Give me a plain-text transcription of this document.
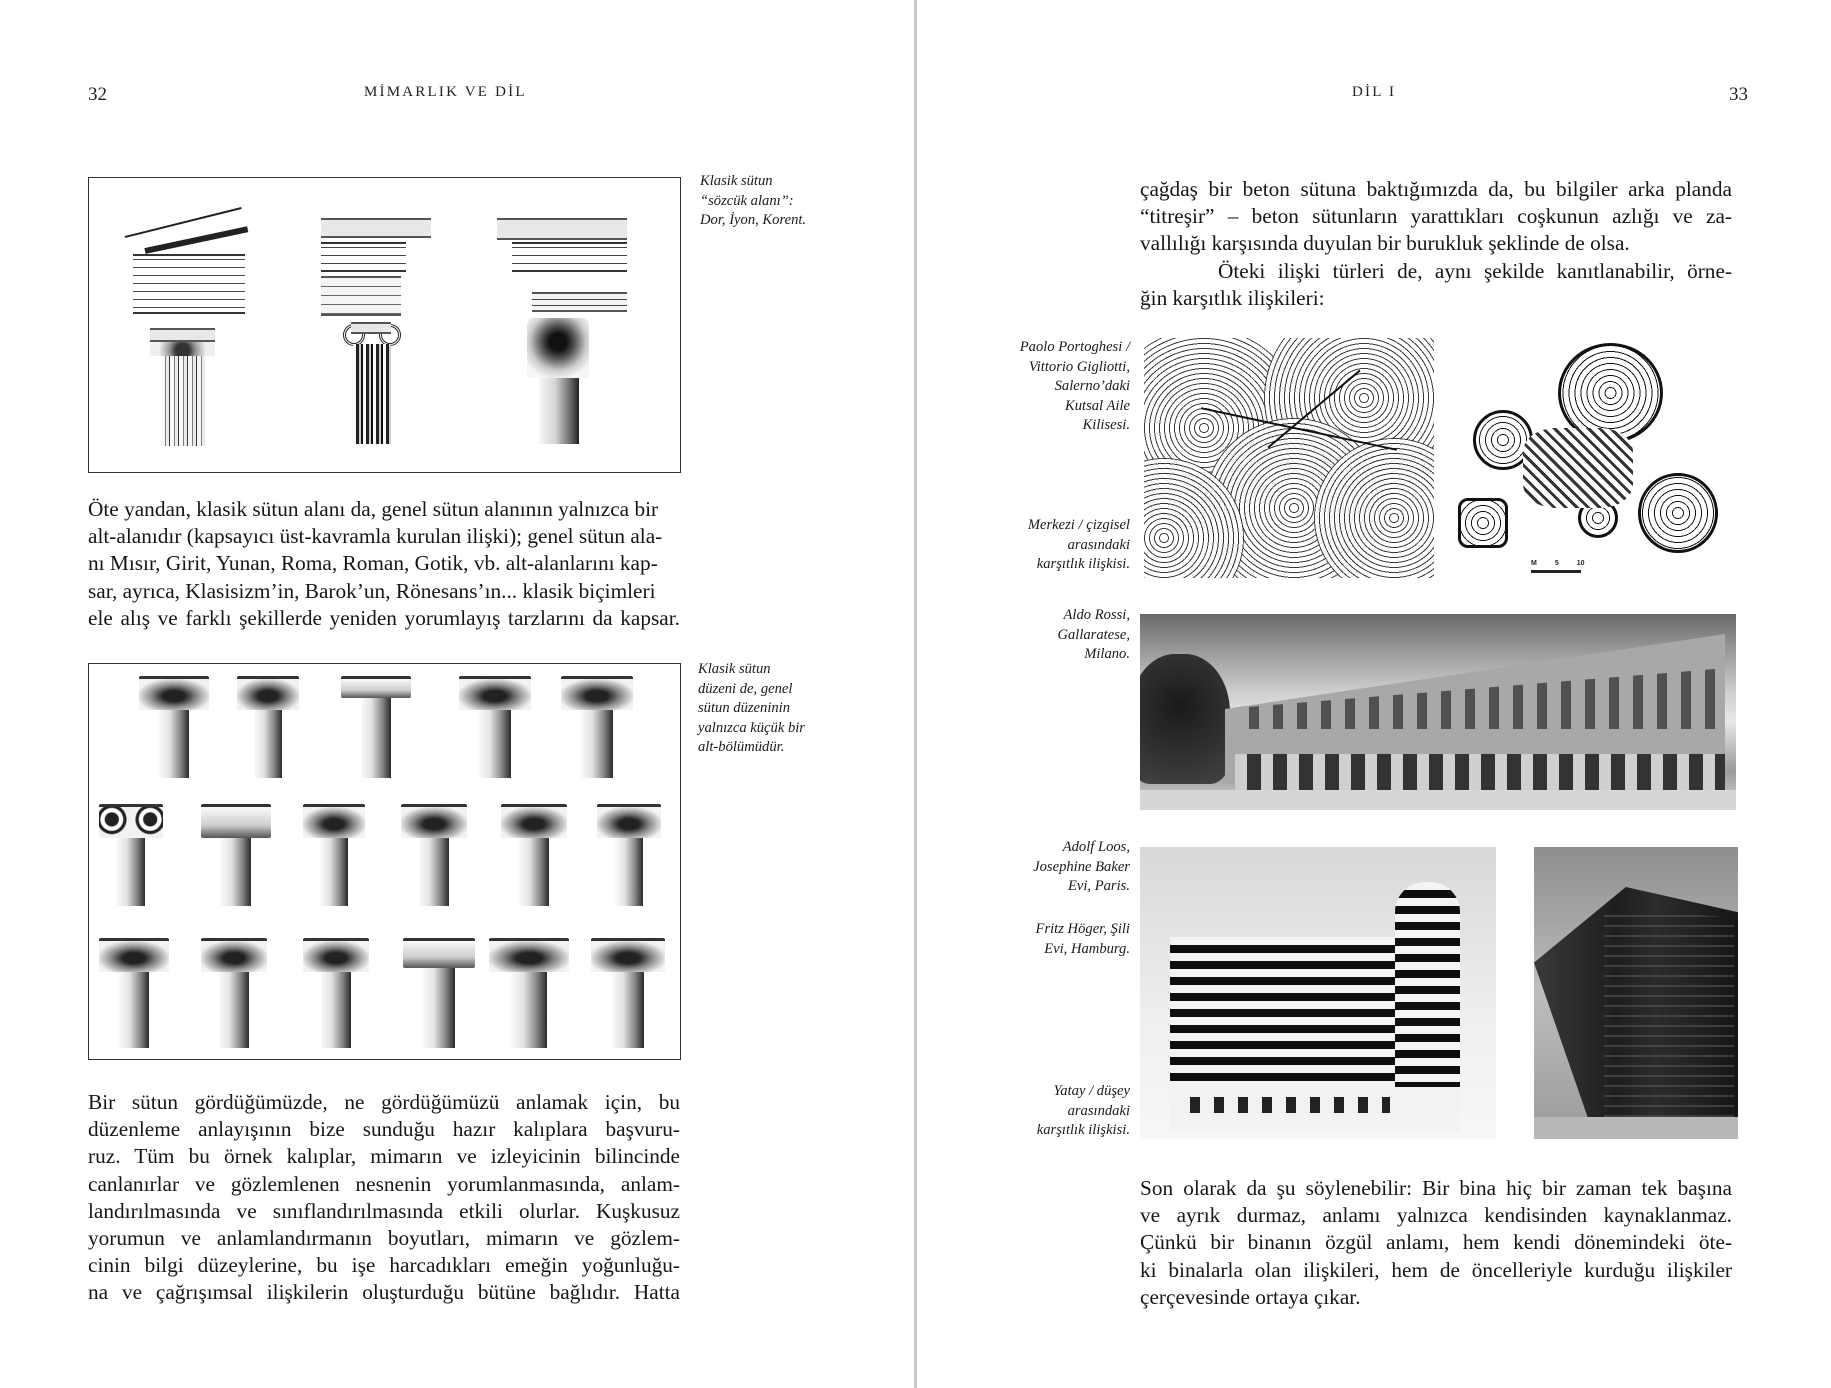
32	MİMARLIK VE DİL
Klasik sütun
“sözcük alanı”:
Dor, İyon, Korent.
Öte yandan, klasik sütun alanı da, genel sütun alanının yalnızca bir
alt-alanıdır (kapsayıcı üst-kavramla kurulan ilişki); genel sütun ala-
nı Mısır, Girit, Yunan, Roma, Roman, Gotik, vb. alt-alanlarını kap-
sar, ayrıca, Klasisizm’in, Barok’un, Rönesans’ın... klasik biçimleri
ele alış ve farklı şekillerde yeniden yorumlayış tarzlarını da kapsar.
Klasik sütun
düzeni de, genel
sütun düzeninin
yalnızca küçük bir
alt-bölümüdür.
Bir sütun gördüğümüzde, ne gördüğümüzü anlamak için, bu
düzenleme anlayışının bize sunduğu hazır kalıplara başvuru-
ruz. Tüm bu örnek kalıplar, mimarın ve izleyicinin bilincinde
canlanırlar ve gözlemlenen nesnenin yorumlanmasında, anlam-
landırılmasında ve sınıflandırılmasında etkili olurlar. Kuşkusuz
yorumun ve anlamlandırmanın boyutları, mimarın ve gözlem-
cinin bilgi düzeylerine, bu işe harcadıkları emeğin yoğunluğu-
na ve çağrışımsal ilişkilerin oluşturduğu bütüne bağlıdır. Hatta
DİL I	33
çağdaş bir beton sütuna baktığımızda da, bu bilgiler arka planda
“titreşir” – beton sütunların yarattıkları coşkunun azlığı ve za-
vallılığı karşısında duyulan bir burukluk şeklinde de olsa.
Öteki ilişki türleri de, aynı şekilde kanıtlanabilir, örne-
ğin karşıtlık ilişkileri:
Paolo Portoghesi /
Vittorio Gigliotti,
Salerno’daki
Kutsal Aile
Kilisesi.
Merkezi / çizgisel
arasındaki
karşıtlık ilişkisi.	M	5	10
Aldo Rossi,
Gallaratese,
Milano.
Adolf Loos,
Josephine Baker
Evi, Paris.
Fritz Höger, Şili
Evi, Hamburg.
Yatay / düşey
arasındaki
karşıtlık ilişkisi.
Son olarak da şu söylenebilir: Bir bina hiç bir zaman tek başına
ve ayrık durmaz, anlamı yalnızca kendisinden kaynaklanmaz.
Çünkü bir binanın özgül anlamı, hem kendi dönemindeki öte-
ki binalarla olan ilişkileri, hem de öncelleriyle kurduğu ilişkiler
çerçevesinde ortaya çıkar.
